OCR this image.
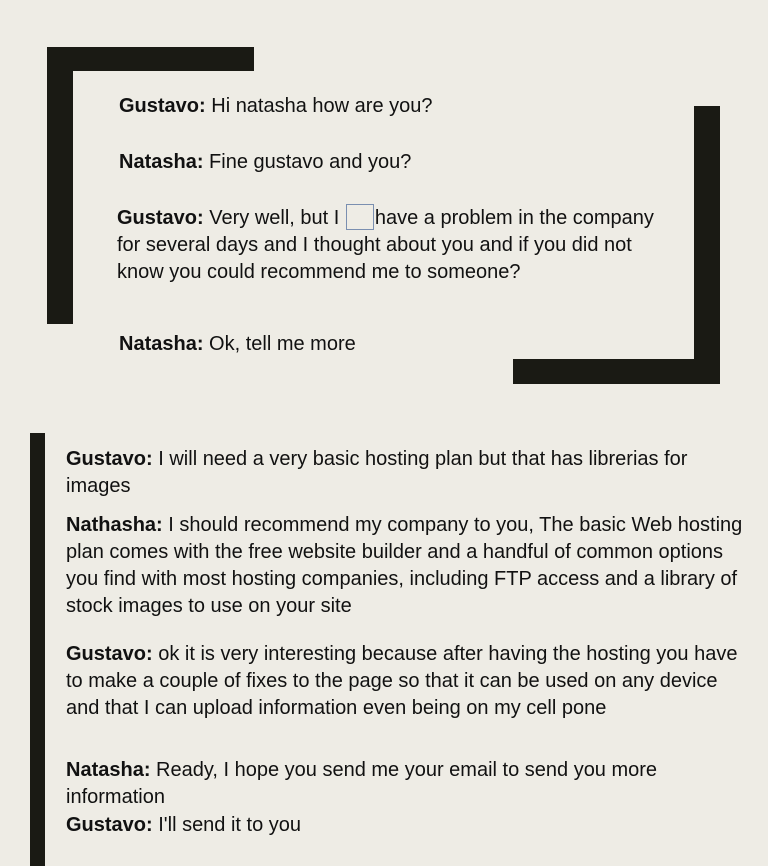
Gustavo: Hi natasha how are you?

Natasha: Fine gustavo and you?

Gustavo: Very well, but I have a problem in the company for several days and I thought about you and if you did not know you could recommend me to someone?

Natasha: Ok, tell me more

Gustavo: I will need a very basic hosting plan but that has librerias for images

Nathasha: I should recommend my company to you, The basic Web hosting plan comes with the free website builder and a handful of common options you find with most hosting companies, including FTP access and a library of stock images to use on your site

Gustavo: ok it is very interesting because after having the hosting you have to make a couple of fixes to the page so that it can be used on any device and that I can upload information even being on my cell pone

Natasha: Ready, I hope you send me your email to send you more information

Gustavo: I'll send it to you
